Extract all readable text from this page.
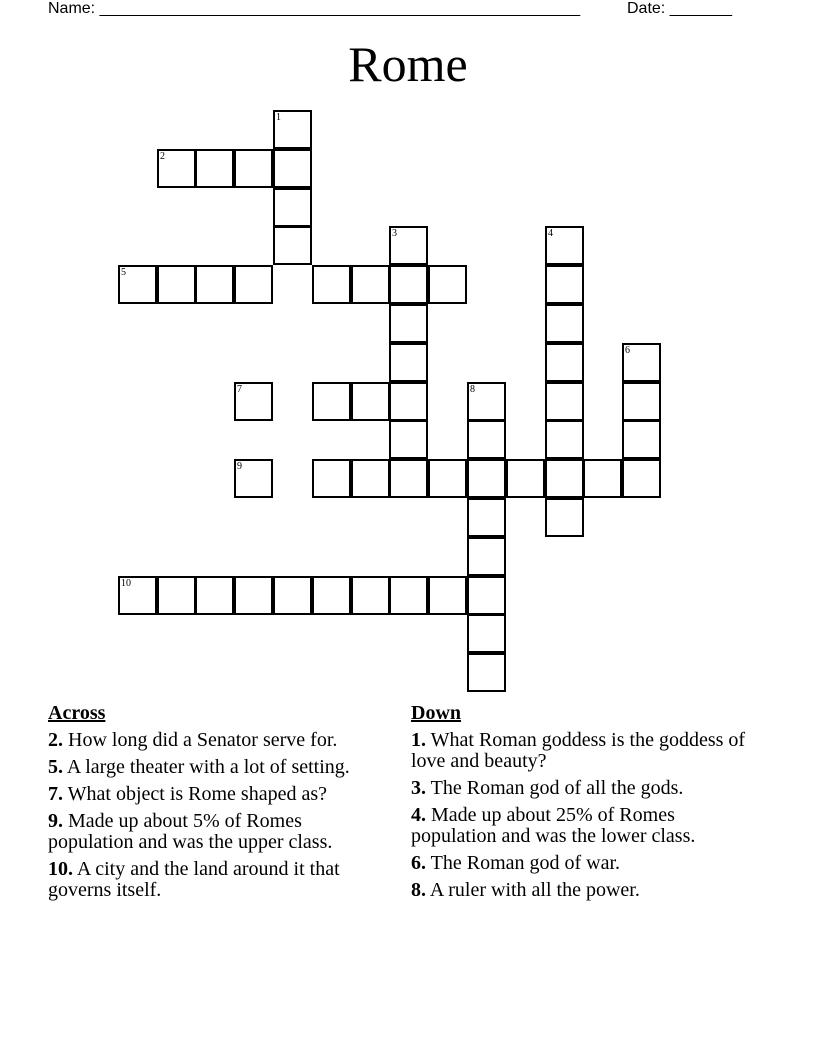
Name: ______________________________________________________	Date: _______
Rome
1
2
3	4
5
6
7	8
9
10
Across
2. How long did a Senator serve for.
5. A large theater with a lot of setting.
7. What object is Rome shaped as?
9. Made up about 5% of Romes population and was the upper class.
10. A city and the land around it that governs itself.
Down
1. What Roman goddess is the goddess of love and beauty?
3. The Roman god of all the gods.
4. Made up about 25% of Romes population and was the lower class.
6. The Roman god of war.
8. A ruler with all the power.
